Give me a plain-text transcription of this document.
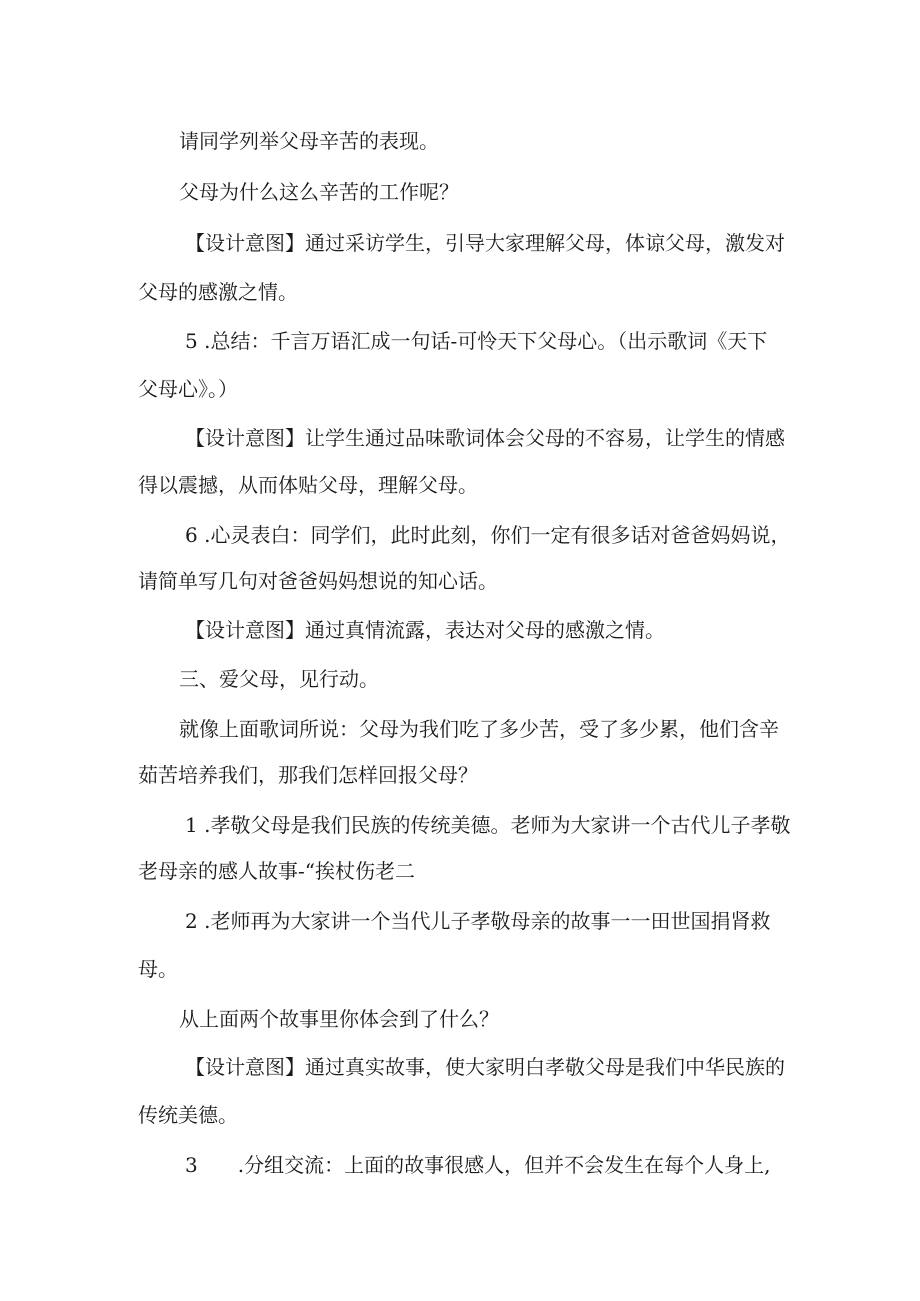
请同学列举父母辛苦的表现。
父母为什么这么辛苦的工作呢？
【设计意图】通过采访学生，引导大家理解父母，体谅父母，激发对
父母的感激之情。
5 .总结：千言万语汇成一句话-可怜天下父母心。（出示歌词《天下
父母心》。）
【设计意图】让学生通过品味歌词体会父母的不容易，让学生的情感
得以震撼，从而体贴父母，理解父母。
6 .心灵表白：同学们，此时此刻，你们一定有很多话对爸爸妈妈说，
请简单写几句对爸爸妈妈想说的知心话。
【设计意图】通过真情流露，表达对父母的感激之情。
三、爱父母，见行动。
就像上面歌词所说：父母为我们吃了多少苦，受了多少累，他们含辛
茹苦培养我们，那我们怎样回报父母？
1 .孝敬父母是我们民族的传统美德。老师为大家讲一个古代儿子孝敬
老母亲的感人故事-“挨杖伤老二
2 .老师再为大家讲一个当代儿子孝敬母亲的故事一一田世国捐肾救
母。
从上面两个故事里你体会到了什么？
【设计意图】通过真实故事，使大家明白孝敬父母是我们中华民族的
传统美德。
3　　.分组交流：上面的故事很感人，但并不会发生在每个人身上,
